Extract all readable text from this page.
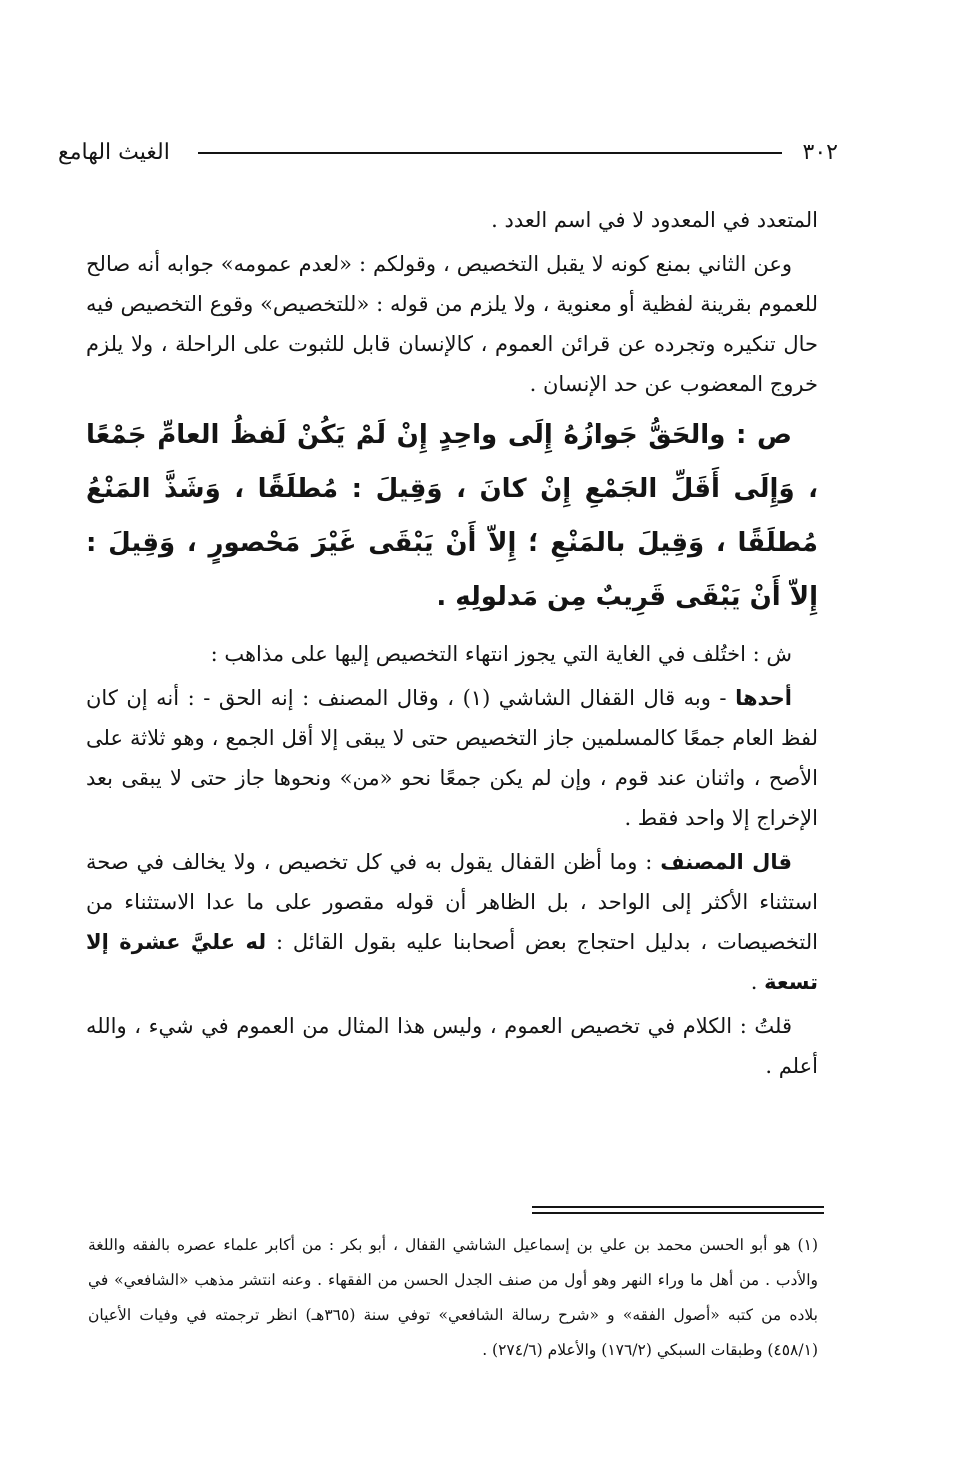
٣٠٢
الغيث الهامع

المتعدد في المعدود لا في اسم العدد .

وعن الثاني بمنع كونه لا يقبل التخصيص ، وقولكم : «لعدم عمومه» جوابه أنه صالح للعموم بقرينة لفظية أو معنوية ، ولا يلزم من قوله : «للتخصيص» وقوع التخصيص فيه حال تنكيره وتجرده عن قرائن العموم ، كالإنسان قابل للثبوت على الراحلة ، ولا يلزم خروج المعضوب عن حد الإنسان .

ص : والحَقُّ جَوازُهُ إِلَى واحِدٍ إِنْ لَمْ يَكُنْ لَفظُ العامِّ جَمْعًا ، وَإِلَى أَقَلِّ الجَمْعِ إِنْ كانَ ، وَقِيلَ : مُطلَقًا ، وَشَذَّ المَنْعُ مُطلَقًا ، وَقِيلَ بالمَنْعِ ؛ إِلاّ أَنْ يَبْقَى غَيْرَ مَحْصورٍ ، وَقِيلَ : إِلاّ أَنْ يَبْقَى قَرِيبٌ مِن مَدلولِهِ .

ش : اختُلف في الغاية التي يجوز انتهاء التخصيص إليها على مذاهب :

أحدها - وبه قال القفال الشاشي (١) ، وقال المصنف : إنه الحق - : أنه إن كان لفظ العام جمعًا كالمسلمين جاز التخصيص حتى لا يبقى إلا أقل الجمع ، وهو ثلاثة على الأصح ، واثنان عند قوم ، وإن لم يكن جمعًا نحو «من» ونحوها جاز حتى لا يبقى بعد الإخراج إلا واحد فقط .

قال المصنف : وما أظن القفال يقول به في كل تخصيص ، ولا يخالف في صحة استثناء الأكثر إلى الواحد ، بل الظاهر أن قوله مقصور على ما عدا الاستثناء من التخصيصات ، بدليل احتجاج بعض أصحابنا عليه بقول القائل : له عليَّ عشرة إلا تسعة .

قلتُ : الكلام في تخصيص العموم ، وليس هذا المثال من العموم في شيء ، والله أعلم .

(١) هو أبو الحسن محمد بن علي بن إسماعيل الشاشي القفال ، أبو بكر : من أكابر علماء عصره بالفقه واللغة والأدب . من أهل ما وراء النهر وهو أول من صنف الجدل الحسن من الفقهاء . وعنه انتشر مذهب «الشافعي» في بلاده من كتبه «أصول الفقه» و «شرح رسالة الشافعي» توفي سنة (٣٦٥هـ) انظر ترجمته في وفيات الأعيان (٤٥٨/١) وطبقات السبكي (١٧٦/٢) والأعلام (٢٧٤/٦) .
